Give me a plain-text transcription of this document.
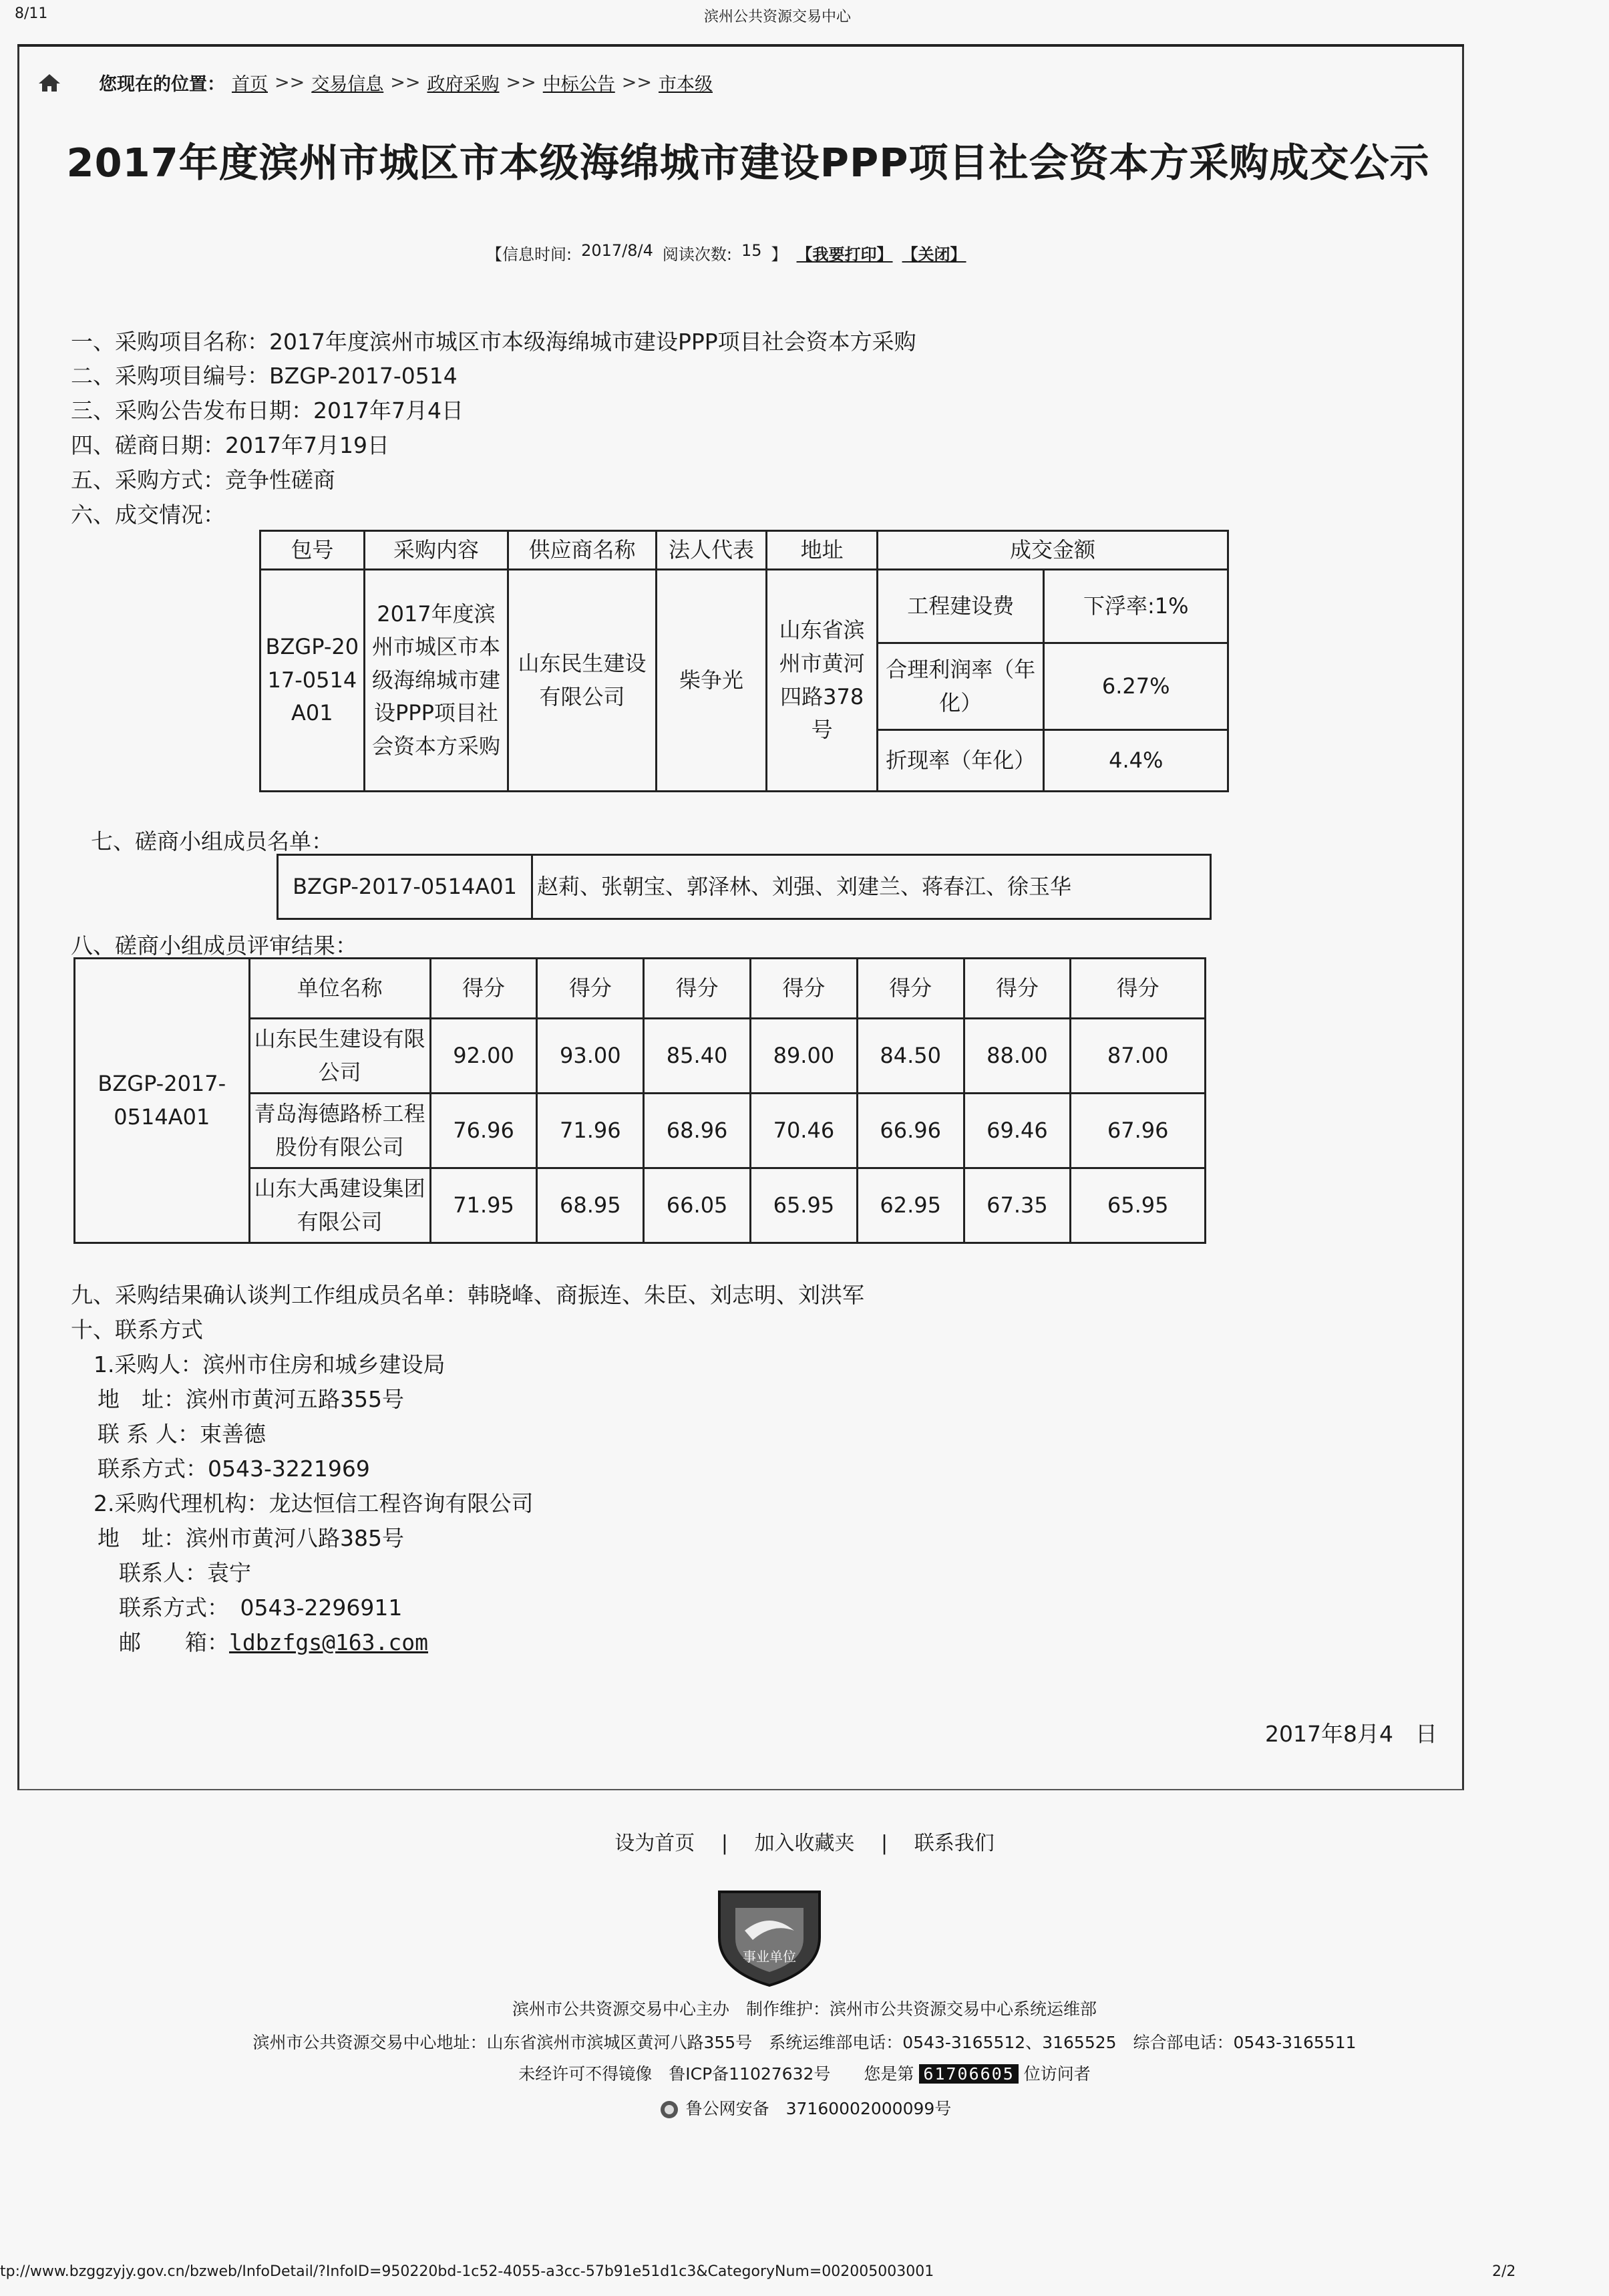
8/11	滨州公共资源交易中心
您现在的位置： 首页 >> 交易信息 >> 政府采购 >> 中标公告 >> 市本级
2017年度滨州市城区市本级海绵城市建设PPP项目社会资本方采购成交公示
【信息时间: 2017/8/4 阅读次数: 15 】 【我要打印】 【关闭】
一、采购项目名称：2017年度滨州市城区市本级海绵城市建设PPP项目社会资本方采购
二、采购项目编号：BZGP-2017-0514
三、采购公告发布日期：2017年7月4日
四、磋商日期：2017年7月19日
五、采购方式：竞争性磋商
六、成交情况：
包号	采购内容	供应商名称	法人代表	地址	成交金额	
BZGP-2017-0514A01	2017年度滨州市城区市本级海绵城市建设PPP项目社会资本方采购	山东民生建设有限公司	柴争光	山东省滨州市黄河四路378号	工程建设费	下浮率:1%
					合理利润率（年化）	6.27%
					折现率（年化）	4.4%
七、磋商小组成员名单：
BZGP-2017-0514A01	赵莉、张朝宝、郭泽林、刘强、刘建兰、蒋春江、徐玉华
八、磋商小组成员评审结果：
BZGP-2017-0514A01	单位名称	得分	得分	得分	得分	得分	得分	得分
	山东民生建设有限公司	92.00	93.00	85.40	89.00	84.50	88.00	87.00
	青岛海德路桥工程股份有限公司	76.96	71.96	68.96	70.46	66.96	69.46	67.96
	山东大禹建设集团有限公司	71.95	68.95	66.05	65.95	62.95	67.35	65.95
九、采购结果确认谈判工作组成员名单：韩晓峰、商振连、朱臣、刘志明、刘洪军
十、联系方式
1.采购人：滨州市住房和城乡建设局
地　址：滨州市黄河五路355号
联 系 人：束善德
联系方式：0543-3221969
2.采购代理机构：龙达恒信工程咨询有限公司
地　址：滨州市黄河八路385号
联系人：袁宁
联系方式：　0543-2296911
邮　　箱：ldbzfgs@163.com
2017年8月4　日
设为首页 　|　 加入收藏夹 　|　 联系我们
事业单位
滨州市公共资源交易中心主办　制作维护：滨州市公共资源交易中心系统运维部
滨州市公共资源交易中心地址：山东省滨州市滨城区黄河八路355号　系统运维部电话：0543-3165512、3165525　综合部电话：0543-3165511
未经许可不得镜像　鲁ICP备11027632号　　您是第 61706605 位访问者
鲁公网安备　37160002000099号
tp://www.bzggzyjy.gov.cn/bzweb/InfoDetail/?InfoID=950220bd-1c52-4055-a3cc-57b91e51d1c3&CategoryNum=002005003001	2/2
